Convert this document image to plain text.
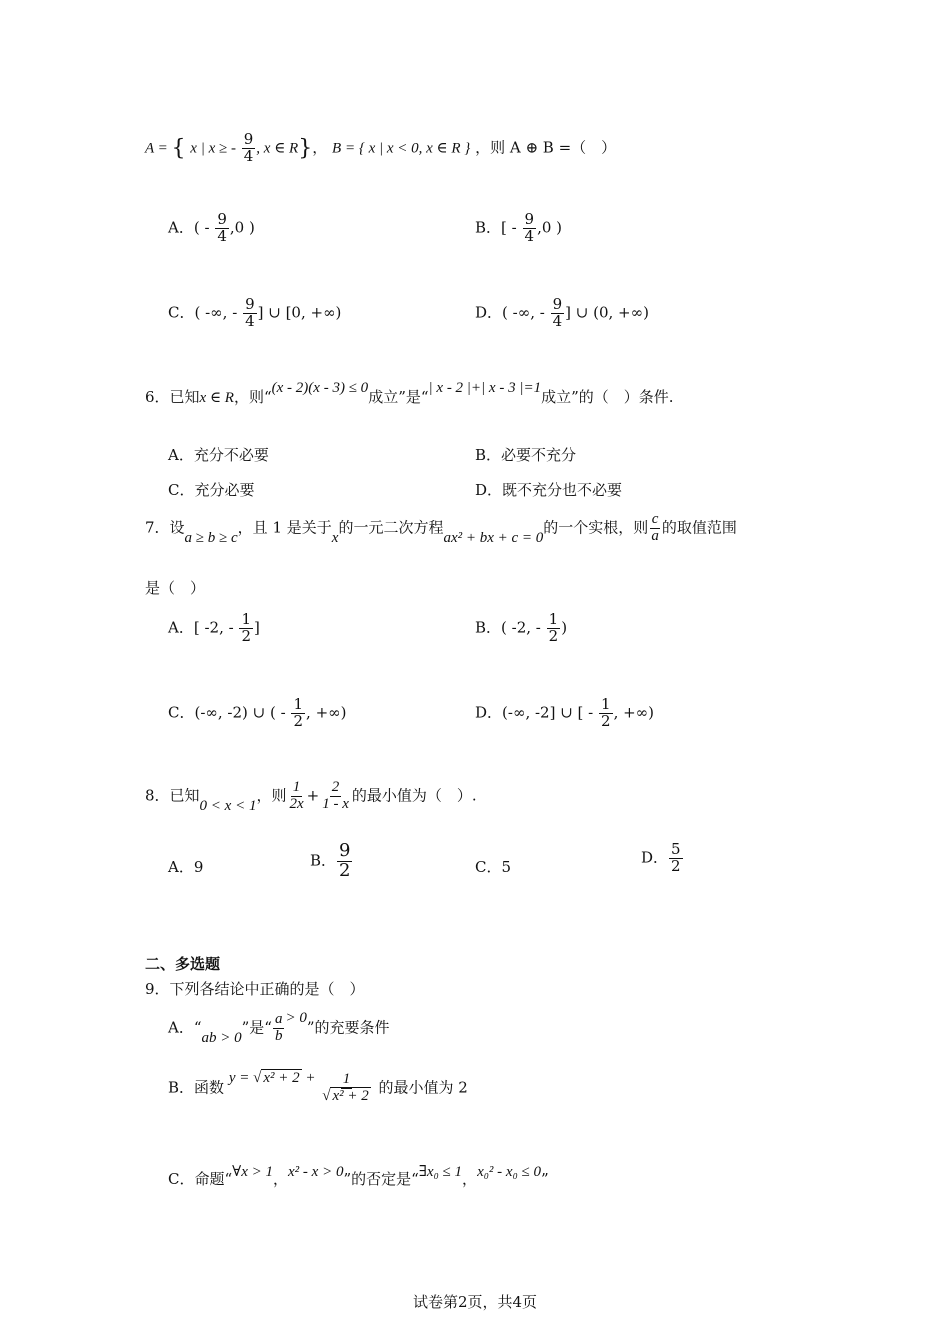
A = { x | x ≥ - $\frac{9}{4}$ , x ∈ R}， B = { x | x < 0, x ∈ R } ，则 A ⊕ B =（　）
A．( - $\frac{9}{4} ,0$ )	B．[ - $\frac{9}{4} ,0$ )
C．( -∞, - $\frac{9}{4}$ ] ∪ [0, +∞)	D．( -∞, - $\frac{9}{4}$ ] ∪ (0, +∞)
6．已知x ∈ R，则“(x - 2)(x - 3) ≤ 0成立”是“| x - 2 |+| x - 3 |=1成立”的（　）条件.
A．充分不必要	B．必要不充分
C．充分必要	D．既不充分也不必要
7．设a ≥ b ≥ c，且 1 是关于x的一元二次方程ax² + bx + c = 0的一个实根，则 $\frac{c}{a}$ 的取值范围
是（　）
A．[ -2, - $\frac{1}{2}$ ]	B．( -2, - $\frac{1}{2}$ )
C．(-∞, -2) ∪ ( - $\frac{1}{2}$ , +∞)	D．(-∞, -2] ∪ [ - $\frac{1}{2}$ , +∞)
8．已知0 < x < 1，则 $\frac{1}{2x} + \frac{2}{1 - x}$ 的最小值为（　）.
A．9	B． $\frac{9}{2}$	C．5
D． $\frac{5}{2}$
二、多选题
9．下列各结论中正确的是（　）
A．“ab > 0”是“ $\frac{a}{b} > 0$”的充要条件
B．函数 y = √ $x^2 + 2 + \frac{1}{\text{√ x² + 2}}$ 的最小值为 2
C．命题“∀x > 1，x² - x > 0”的否定是“∃x₀ ≤ 1，x₀² - x₀ ≤ 0”
试卷第2页，共4页
